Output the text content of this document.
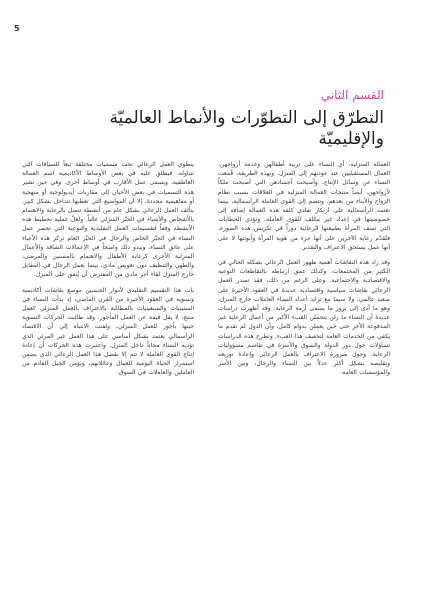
5
القسم الثاني
التطرّق إلى التطوّرات والأنماط العالميّة والإقليميّة

ينطوي العمل الرعائي تحت مسميات مختلفة تبعاً للسياقات التي تتناوله، فيطلق عليه في بعض الأوساط الأكاديمية اسم العمالة العاطفية، ويسمى عمل الأقارب في أوساط أخرى. وفي حين تشير هذه التسميات في بعض الأحيان إلى مقاربات أيديولوجية أو منهجية أو مفاهيمية محددة، إلا أن المواضيع التي تغطيها تتداخل بشكل كبير. يتألف العمل الرعائي بشكل عام من أنشطة تتصل بالرعاية والاهتمام بالأشخاص والأشياء في الحيّز المنزلي غالباً. ولعلّ عملية تخطيط هذه الأنشطة وفقاً لتقسيمات العمل التقليدية والنوعية التي تحصر عمل النساء في الحيّز الخاص والرجال في الحيّز العام تركز هذه الأعباء على عاتق النساء، ويبدو ذلك واضحاً في الإعمالات الشاقة والأعمال المنزلية الأخرى كرعاية الأطفال والاهتمام بالمسنين والمرضى، والطهي والتنظيف دون تعويض مادي، بينما يعمل الرجال في المقابل خارج المنزل لقاء أجر مادي من المفترض أن يُنفق على المنزل.

بات هذا التقسيم التقليدي لأدوار الجنسين موضع نقاشات أكاديمية ونسوية في العقود الأخيرة من القرن الماضي، إذ بدأت النساء في الستينيات والسبعينيات بالمطالبة بالاعتراف بالعمل المنزلي كعمل منتج، لا يقل قيمة عن العمل المأجور. وقد طالبت الحركات النسوية حينها بأجور للعمل المنزلي، ولفتت الانتباه إلى أن الاقتصاد الرأسمالي يعتمد بشكل أساسي على هذا العمل غير المرئي الذي تؤديه النساء مجاناً داخل المنزل. واعتبرت هذه الحركات أن إعادة إنتاج القوى العاملة لا تتم إلا بفضل هذا العمل الرعائي الذي يضمن استمرار الحياة اليومية للعمال وعائلاتهم، ويؤمن الجيل القادم من العاملين والعاملات في السوق.

العمالة المنزلية، أي النساء على تربية أطفالهن وخدمة أزواجهن، العمال المستقبليين عند عودتهم إلى المنزل. وبهذه الطريقة، قُمعت النساء عن وسائل الإنتاج، وأصبحت أجسادهن التي أصبحت ملكاً لأزواجهن، أيضاً منتجات العمالة المنزلية في العلاقات بسبب نظام الزواج والأبناء من بعدهم. وتنضم إلى القوى العاملة الرأسمالية، بينما تعتمد الرأسمالية على ارتكاز تفادي كلفة هذه العمالة إضافة إلى خصوصيتها في إعداد غير مكلف للقوى العاملة. وتؤدي الخطابات التي تصف المرأة بطبيعتها الرعائية دوراً في تكريس هذه الصورة، فتُقدّم رعاية الآخرين على أنها جزء من هوية المرأة وأنوثتها لا على أنها عمل يستحق الاعتراف والتقدير.

وقد زاد هذه النقاشات أهمية ظهور العمل الرعائي بشكله الحالي في الكثير من المجتمعات، وكذلك عمق ارتباطه بالتقاطعات النوعية والاقتصادية والاجتماعية. وعلى الرغم من ذلك، فقد تصدر العمل الرعائي نقاشات سياسية واقتصادية عديدة في العقود الأخيرة على صعيد عالمي، ولا سيما مع تزايد أعداد النساء العاملات خارج المنزل، وهو ما أدى إلى بروز ما يسمى أزمة الرعاية. وقد أظهرت دراسات عديدة أن النساء ما زلن يتحملن العبء الأكبر من أعمال الرعاية غير المدفوعة الأجر حتى حين يعملن بدوام كامل، وأن الدول لم تقدم ما يكفي من الخدمات العامة لتخفيف هذا العبء. وتطرح هذه الدراسات تساؤلات حول دور الدولة والسوق والأسرة في تقاسم مسؤوليات الرعاية، وحول ضرورة الاعتراف بالعمل الرعائي وإعادة توزيعه وتقليصه بشكل أكثر عدلاً بين النساء والرجال، وبين الأسر والمؤسسات العامة.
